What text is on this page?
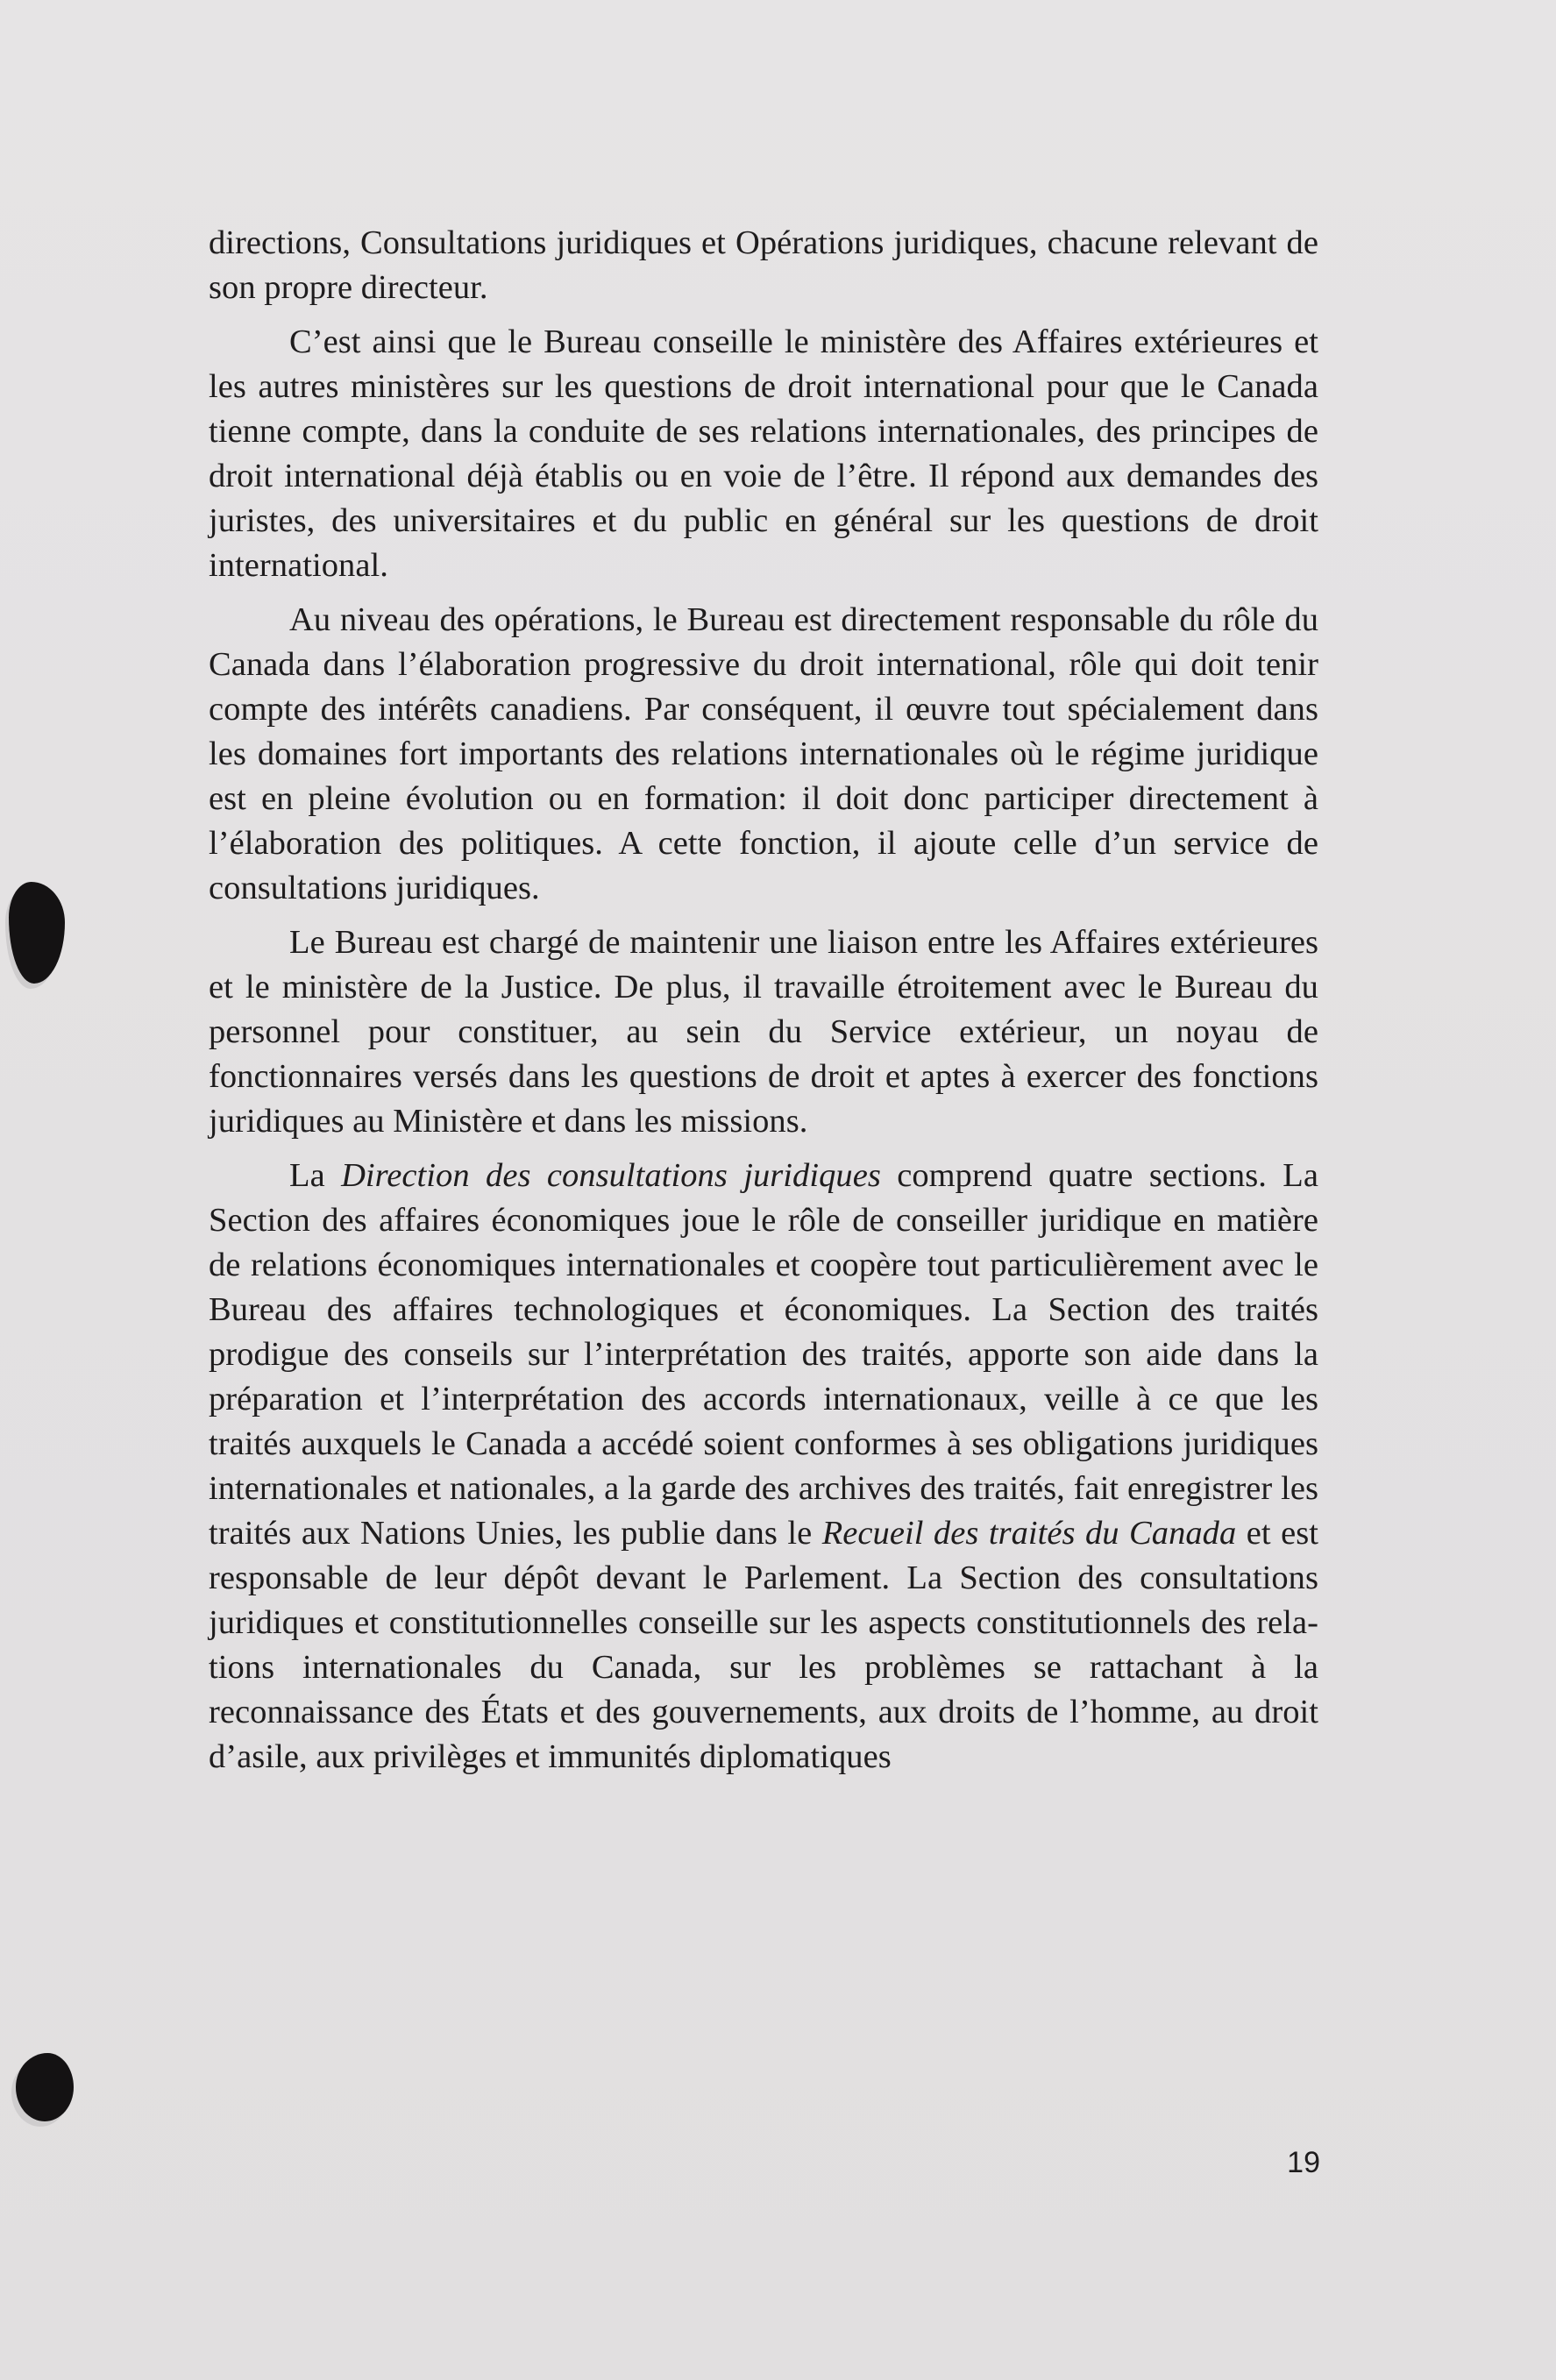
directions, Consultations juridiques et Opérations juridiques, chacune relevant de son propre directeur.

C’est ainsi que le Bureau conseille le ministère des Affaires extérieures et les autres ministères sur les questions de droit international pour que le Canada tienne compte, dans la conduite de ses relations internationales, des principes de droit international déjà établis ou en voie de l’être. Il répond aux demandes des juristes, des universitaires et du public en général sur les questions de droit international.

Au niveau des opérations, le Bureau est directement responsable du rôle du Canada dans l’élaboration progressive du droit international, rôle qui doit tenir compte des intérêts canadiens. Par conséquent, il œuvre tout spécialement dans les domaines fort importants des relations internationales où le régime juridique est en pleine évolution ou en formation: il doit donc participer directement à l’élaboration des politiques. A cette fonction, il ajoute celle d’un service de consultations juridiques.

Le Bureau est chargé de maintenir une liaison entre les Affaires extérieures et le ministère de la Justice. De plus, il travaille étroitement avec le Bureau du personnel pour constituer, au sein du Service extérieur, un noyau de fonctionnaires versés dans les questions de droit et aptes à exercer des fonctions juridiques au Ministère et dans les missions.

La Direction des consultations juridiques comprend quatre sections. La Section des affaires économiques joue le rôle de conseiller juridique en matière de relations économiques internationales et coopère tout particulièrement avec le Bureau des affaires technologiques et économiques. La Section des traités prodigue des conseils sur l’interprétation des traités, apporte son aide dans la préparation et l’interprétation des accords internationaux, veille à ce que les traités auxquels le Canada a accédé soient conformes à ses obligations juridiques internationales et nationales, a la garde des archives des traités, fait enregistrer les traités aux Nations Unies, les publie dans le Recueil des traités du Canada et est responsable de leur dépôt devant le Parlement. La Section des consultations juridiques et constitutionnelles conseille sur les aspects constitutionnels des relations internationales du Canada, sur les problèmes se rattachant à la reconnaissance des États et des gouvernements, aux droits de l’homme, au droit d’asile, aux privilèges et immunités diplomatiques

19
